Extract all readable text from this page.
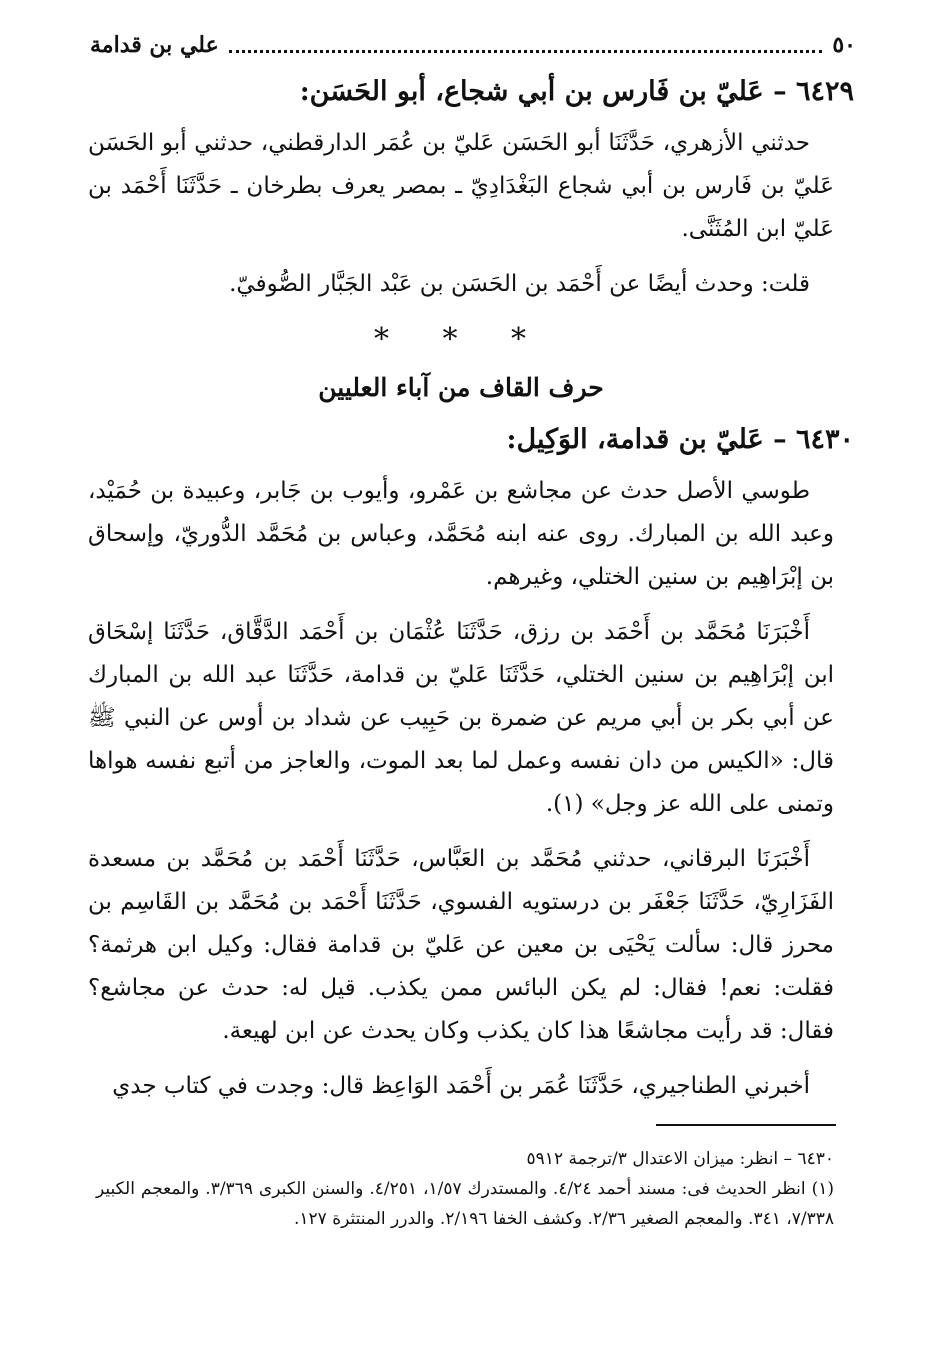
٥٠
علي بن قدامة
٦٤٢٩ – عَليّ بن فَارس بن أبي شجاع، أبو الحَسَن:

حدثني الأزهري، حَدَّثَنَا أبو الحَسَن عَليّ بن عُمَر الدارقطني، حدثني أبو الحَسَن عَليّ بن فَارس بن أبي شجاع البَغْدَادِيّ ـ بمصر يعرف بطرخان ـ حَدَّثَنَا أَحْمَد بن عَليّ ابن المُثَنَّى.

قلت: وحدث أيضًا عن أَحْمَد بن الحَسَن بن عَبْد الجَبَّار الصُّوفيّ.

* * *
حرف القاف من آباء العليين
٦٤٣٠ – عَليّ بن قدامة، الوَكِيل:

طوسي الأصل حدث عن مجاشع بن عَمْرو، وأيوب بن جَابر، وعبيدة بن حُمَيْد، وعبد الله بن المبارك. روى عنه ابنه مُحَمَّد، وعباس بن مُحَمَّد الدُّوريّ، وإسحاق بن إبْرَاهِيم بن سنين الختلي، وغيرهم.

أَخْبَرَنَا مُحَمَّد بن أَحْمَد بن رزق، حَدَّثَنَا عُثْمَان بن أَحْمَد الدَّقَّاق، حَدَّثَنَا إسْحَاق ابن إبْرَاهِيم بن سنين الختلي، حَدَّثَنَا عَليّ بن قدامة، حَدَّثَنَا عبد الله بن المبارك عن أبي بكر بن أبي مريم عن ضمرة بن حَبِيب عن شداد بن أوس عن النبي ﷺ قال: «الكيس من دان نفسه وعمل لما بعد الموت، والعاجز من أتبع نفسه هواها وتمنى على الله عز وجل» (١).

أَخْبَرَنَا البرقاني، حدثني مُحَمَّد بن العَبَّاس، حَدَّثَنَا أَحْمَد بن مُحَمَّد بن مسعدة الفَزَارِيّ، حَدَّثَنَا جَعْفَر بن درستويه الفسوي، حَدَّثَنَا أَحْمَد بن مُحَمَّد بن القَاسِم بن محرز قال: سألت يَحْيَى بن معين عن عَليّ بن قدامة فقال: وكيل ابن هرثمة؟ فقلت: نعم! فقال: لم يكن البائس ممن يكذب. قيل له: حدث عن مجاشع؟ فقال: قد رأيت مجاشعًا هذا كان يكذب وكان يحدث عن ابن لهيعة.

أخبرني الطناجيري، حَدَّثَنَا عُمَر بن أَحْمَد الوَاعِظ قال: وجدت في كتاب جدي

٦٤٣٠ – انظر: ميزان الاعتدال ٣/ترجمة ٥٩١٢

(١) انظر الحديث فى: مسند أحمد ٤/٢٤. والمستدرك ١/٥٧، ٤/٢٥١. والسنن الكبرى ٣/٣٦٩. والمعجم الكبير ٧/٣٣٨، ٣٤١. والمعجم الصغير ٢/٣٦. وكشف الخفا ٢/١٩٦. والدرر المنتثرة ١٢٧.
